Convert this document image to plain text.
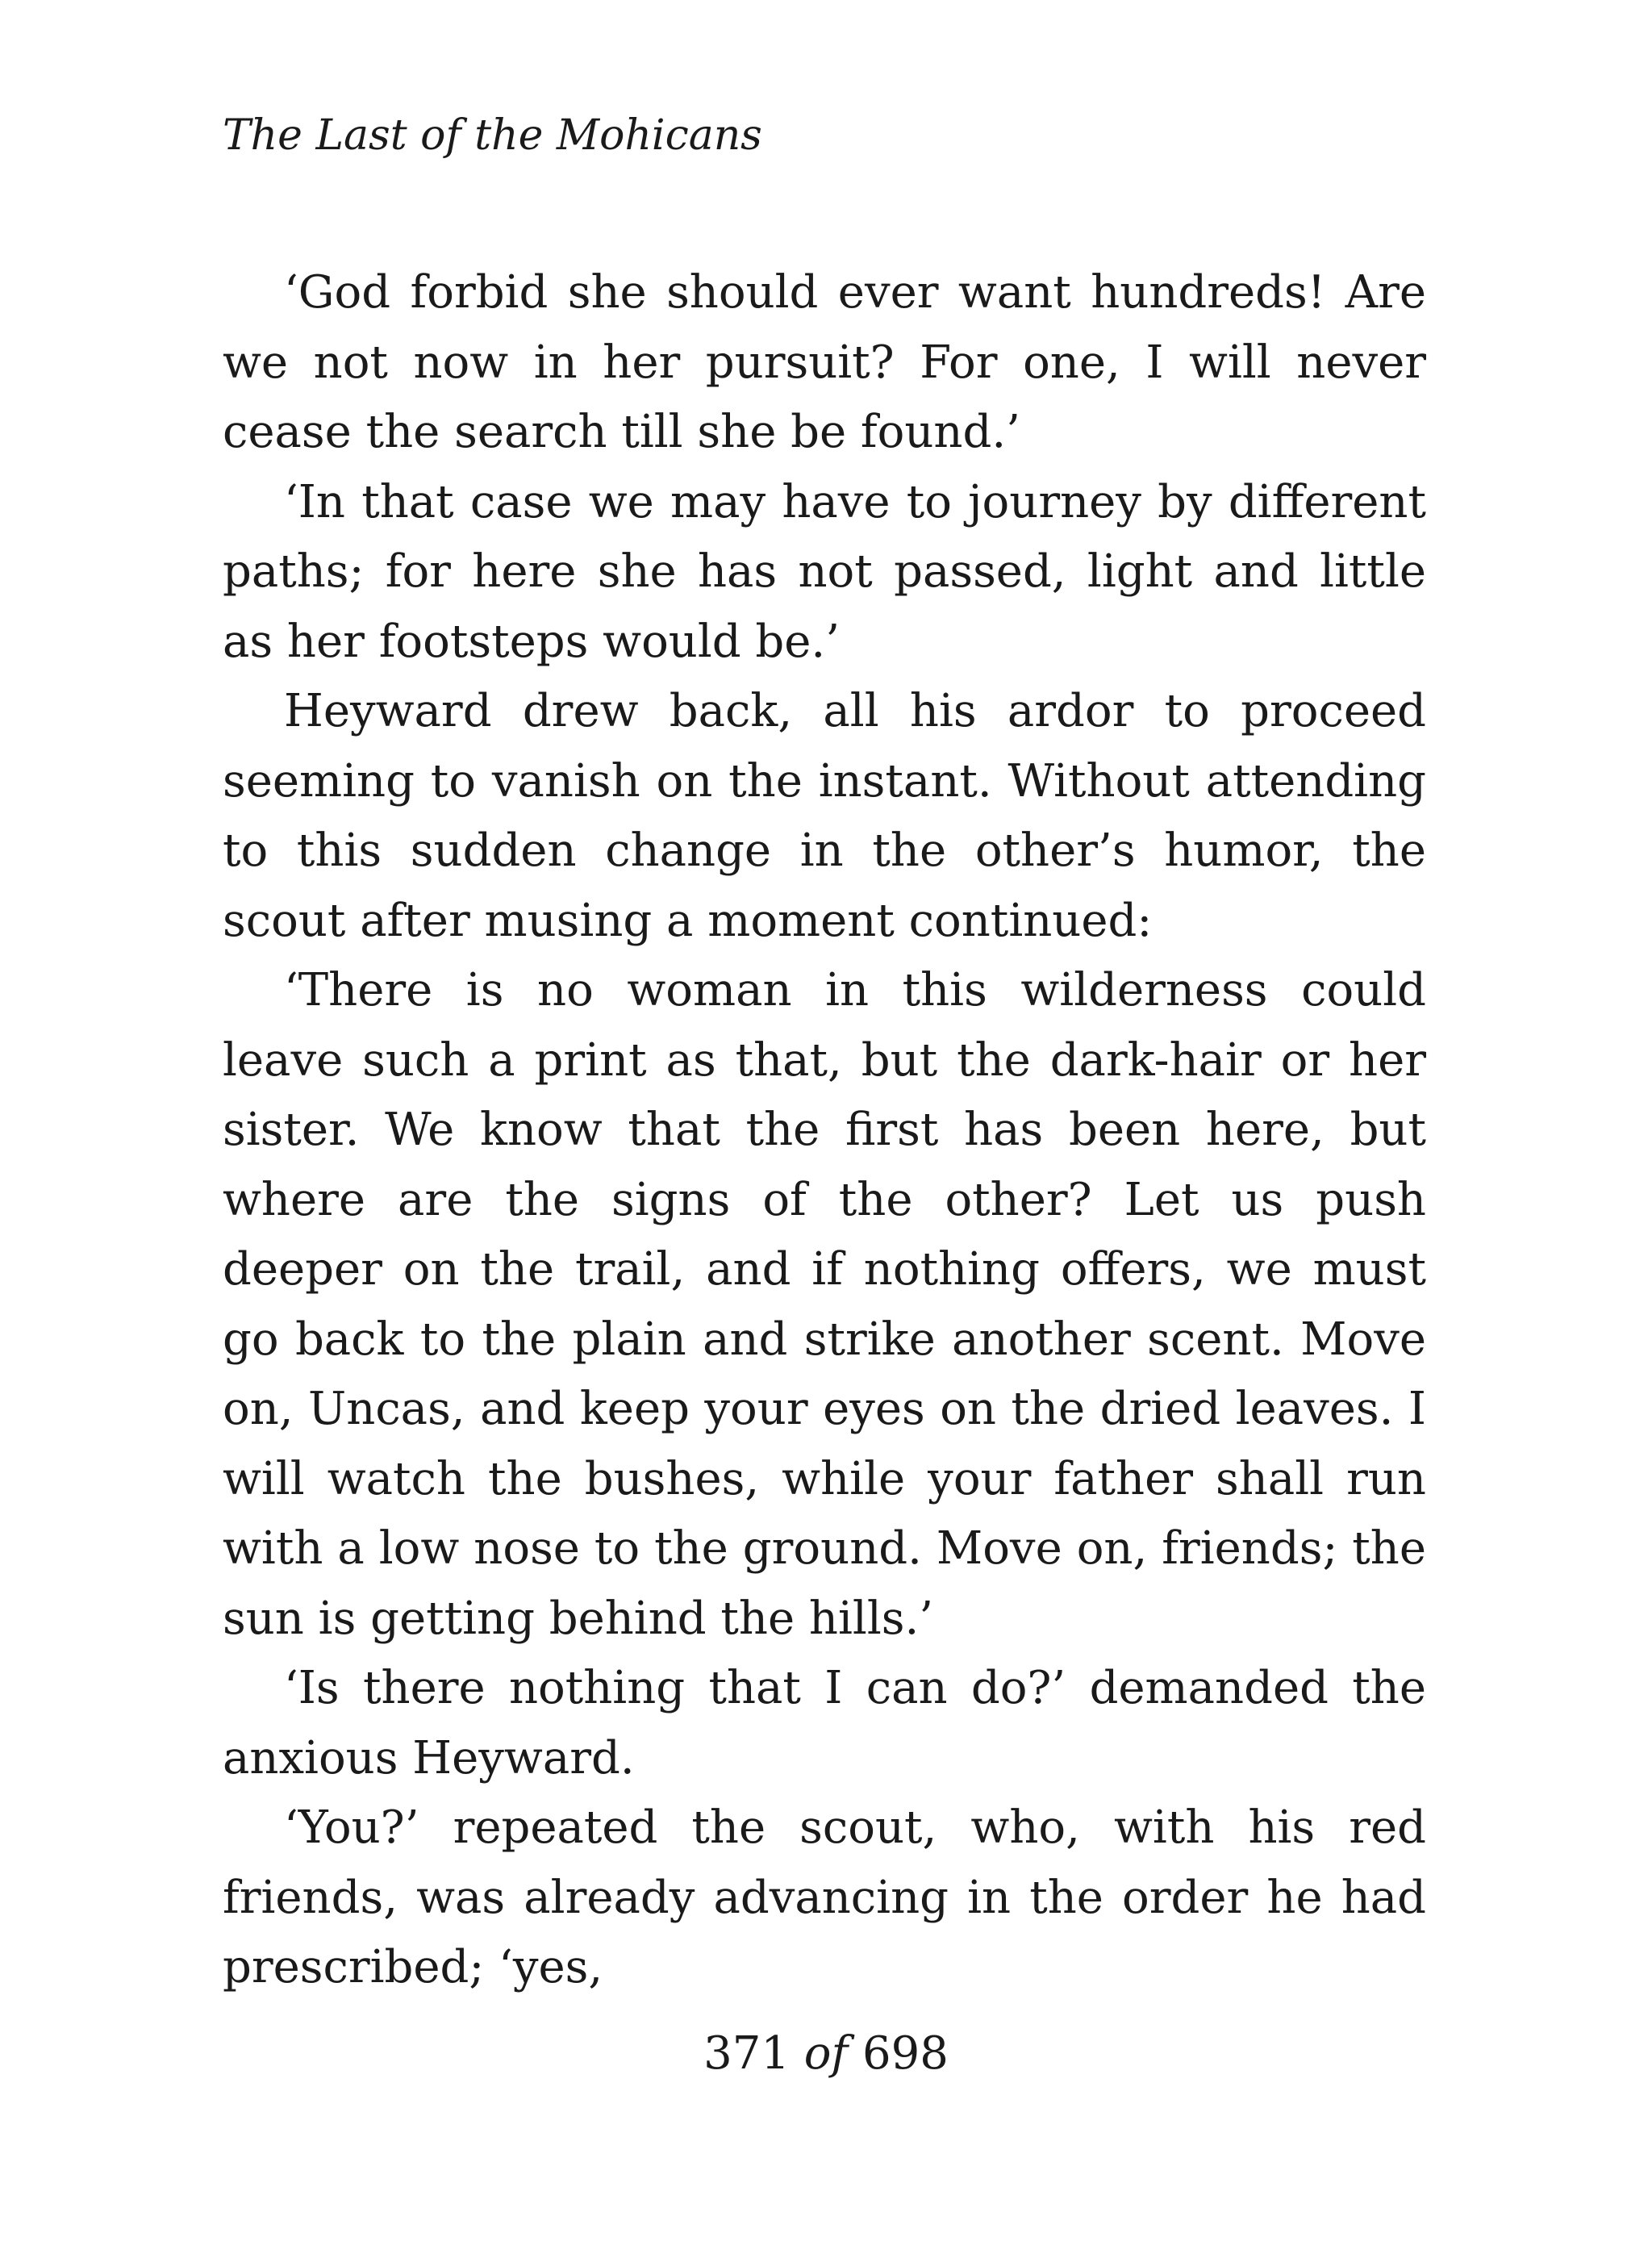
The Last of the Mohicans

‘God forbid she should ever want hundreds! Are we not now in her pursuit? For one, I will never cease the search till she be found.’

‘In that case we may have to journey by different paths; for here she has not passed, light and little as her footsteps would be.’

Heyward drew back, all his ardor to proceed seeming to vanish on the instant. Without attending to this sudden change in the other’s humor, the scout after musing a moment continued:

‘There is no woman in this wilderness could leave such a print as that, but the dark-hair or her sister. We know that the first has been here, but where are the signs of the other? Let us push deeper on the trail, and if nothing offers, we must go back to the plain and strike another scent. Move on, Uncas, and keep your eyes on the dried leaves. I will watch the bushes, while your father shall run with a low nose to the ground. Move on, friends; the sun is getting behind the hills.’

‘Is there nothing that I can do?’ demanded the anxious Heyward.

‘You?’ repeated the scout, who, with his red friends, was already advancing in the order he had prescribed; ‘yes,

371 of 698
